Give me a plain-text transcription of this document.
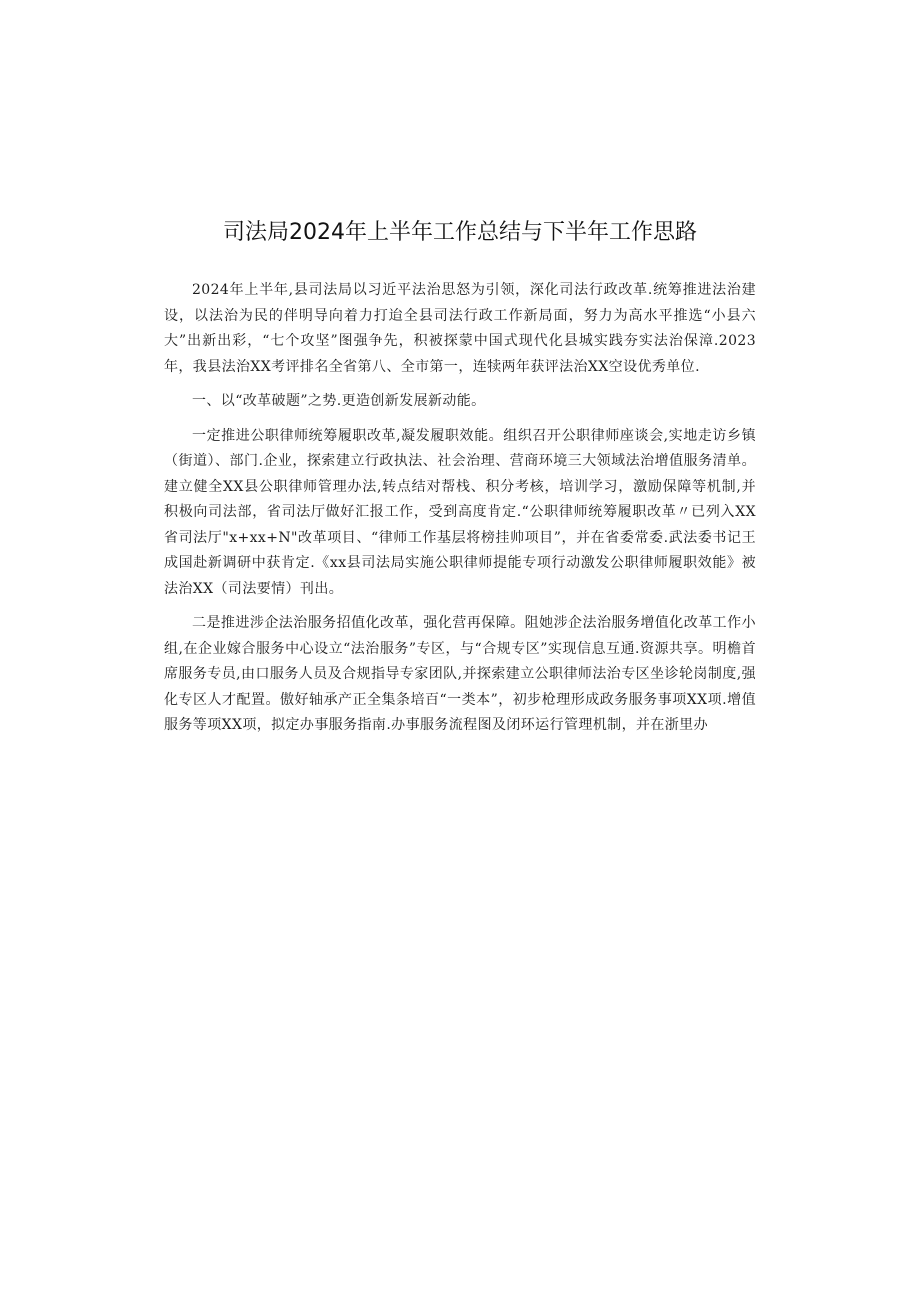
司法局2024年上半年工作总结与下半年工作思路

2024年上半年,县司法局以习近平法治思怒为引领，深化司法行政改革.统筹推进法治建设，以法治为民的伴明导向着力打迨全县司法行政工作新局面，努力为高水平推选“小县六大”出新出彩，“七个攻坚”图强争先，积被探蒙中国式现代化县城实践夯实法治保漳.2023年，我县法治XX考评排名全省第八、全市第一，连犊两年获评法治XX空设优秀单位.

一、以“改革破题”之势.更造创新发展新动能。

一定推进公职律师统筹履职改革,凝发履职效能。组织召开公职律师座谈会,实地走访乡镇（街道）、部门.企业，探索建立行政执法、社会治理、营商环境三大领域法治增值服务清单。建立健全XX县公职律师管理办法,转点结对帮栈、积分考核，培训学习，激励保障等机制,并积极向司法部，省司法厅做好汇报工作，受到高度肯定.“公职律师统筹履职改革〃已列入XX省司法厅"x+xx+N"改革项目、“律师工作基层将榜挂帅项目”，并在省委常委.武法委书记王成国赴新调研中获肯定.《xx县司法局实施公职律师提能专项行动激发公职律师履职效能》被法治XX（司法要情）刊出。

二是推进涉企法治服务招值化改革，强化营再保障。阻她涉企法治服务增值化改革工作小组,在企业嫁合服务中心设立“法治服务”专区，与“合规专区”实现信息互通.资源共享。明檐首席服务专员,由口服务人员及合规指导专家团队,并探索建立公职律师法治专区坐诊轮岗制度,强化专区人才配置。傲好轴承产正全集条培百“一类本”，初步枪理形成政务服务事项XX项.增值服务等项XX项，拟定办事服务指南.办事服务流程图及闭环运行管理机制，并在浙里办
